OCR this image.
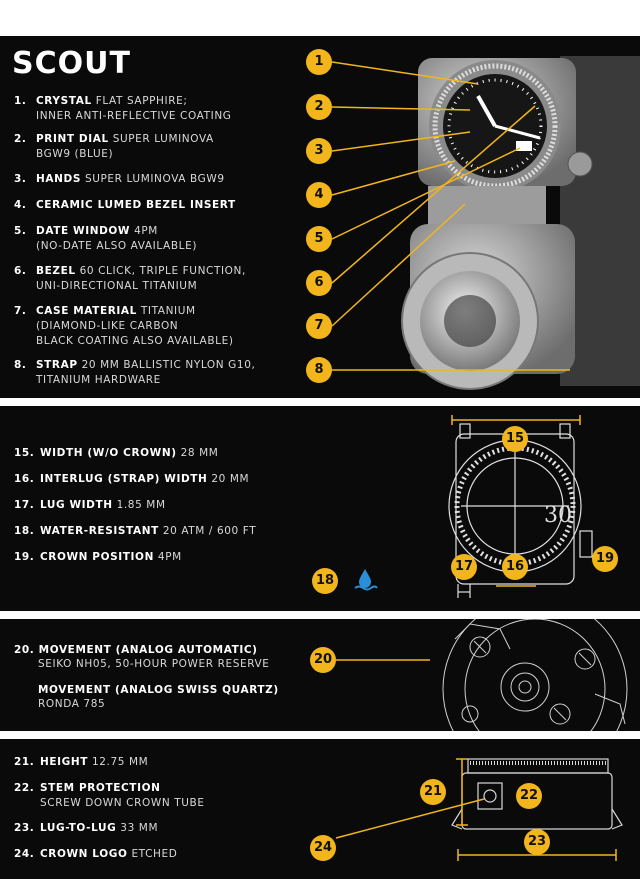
SCOUT
1. CRYSTAL FLAT SAPPHIRE;
INNER ANTI-REFLECTIVE COATING
2. PRINT DIAL SUPER LUMINOVA
BGW9 (BLUE)
3. HANDS SUPER LUMINOVA BGW9
4. CERAMIC LUMED BEZEL INSERT
5. DATE WINDOW 4PM
(NO-DATE ALSO AVAILABLE)
6. BEZEL 60 CLICK, TRIPLE FUNCTION,
UNI-DIRECTIONAL TITANIUM
7. CASE MATERIAL TITANIUM
(DIAMOND-LIKE CARBON
BLACK COATING ALSO AVAILABLE)
8. STRAP 20 MM BALLISTIC NYLON G10,
TITANIUM HARDWARE
1
2
3
4
5
6
7
8
30
15. WIDTH (W/O CROWN) 28 MM
16. INTERLUG (STRAP) WIDTH 20 MM
17. LUG WIDTH 1.85 MM
18. WATER-RESISTANT 20 ATM / 600 FT
19. CROWN POSITION 4PM
15
16
17
18
19
20. MOVEMENT (ANALOG AUTOMATIC)
SEIKO NH05, 50-HOUR POWER RESERVE
MOVEMENT (ANALOG SWISS QUARTZ)
RONDA 785
20
21. HEIGHT 12.75 MM
22. STEM PROTECTION
SCREW DOWN CROWN TUBE
23. LUG-TO-LUG 33 MM
24. CROWN LOGO ETCHED
21	22
23
24
